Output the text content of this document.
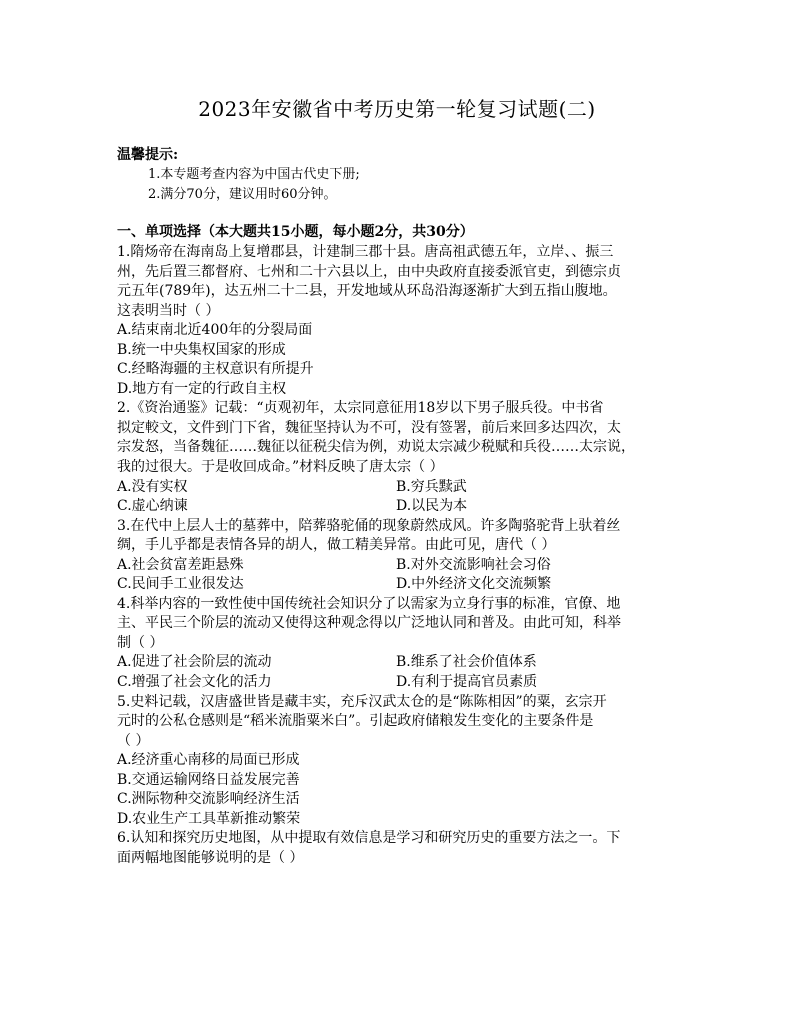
2023年安徽省中考历史第一轮复习试题(二)
温馨提示:
1.本专题考查内容为中国古代史下册;
2.满分70分，建议用时60分钟。
一、单项选择（本大题共15小题，每小题2分，共30分）
1.隋炀帝在海南岛上复增郡县，计建制三郡十县。唐高祖武德五年，立岸、、振三
州，先后置三都督府、七州和二十六县以上，由中央政府直接委派官吏，到德宗贞
元五年(789年)，达五州二十二县，开发地域从环岛沿海逐渐扩大到五指山腹地。
这表明当时（ ）
A.结束南北近400年的分裂局面
B.统一中央集权国家的形成
C.经略海疆的主权意识有所提升
D.地方有一定的行政自主权
2.《资治通鉴》记载：“贞观初年，太宗同意征用18岁以下男子服兵役。中书省
拟定較文，文件到门下省，魏征坚持认为不可，没有签署，前后来回多达四次，太
宗发怒，当备魏征……魏征以征税尖信为例，劝说太宗减少税赋和兵役……太宗说，
我的过很大。于是收回成命。”材料反映了唐太宗（ ）
A.没有实权	B.穷兵黩武
C.虚心纳谏	D.以民为本
3.在代中上层人士的墓葬中，陪葬骆驼俑的现象蔚然成风。许多陶骆驼背上驮着丝
绸，手儿乎都是表情各异的胡人，做工精美异常。由此可见，唐代（ ）
A.社会贫富差距悬殊	B.对外交流影响社会习俗
C.民间手工业很发达	D.中外经济文化交流频繁
4.科举内容的一致性使中国传统社会知识分了以需家为立身行事的标准，官僚、地
主、平民三个阶层的流动又使得这种观念得以广泛地认同和普及。由此可知，科举
制（ ）
A.促进了社会阶层的流动	B.维系了社会价值体系
C.增强了社会文化的活力	D.有利于提高官员素质
5.史料记载，汉唐盛世皆是藏丰实，充斥汉武太仓的是“陈陈相因”的粟，玄宗开
元时的公私仓感则是“稻米流脂粟米白”。引起政府储粮发生变化的主要条件是
（ ）
A.经济重心南移的局面已形成
B.交通运输网络日益发展完善
C.洲际物种交流影响经济生活
D.农业生产工具革新推动繁荣
6.认知和探究历史地图，从中提取有效信息是学习和研究历史的重要方法之一。下
面两幅地图能够说明的是（ ）
